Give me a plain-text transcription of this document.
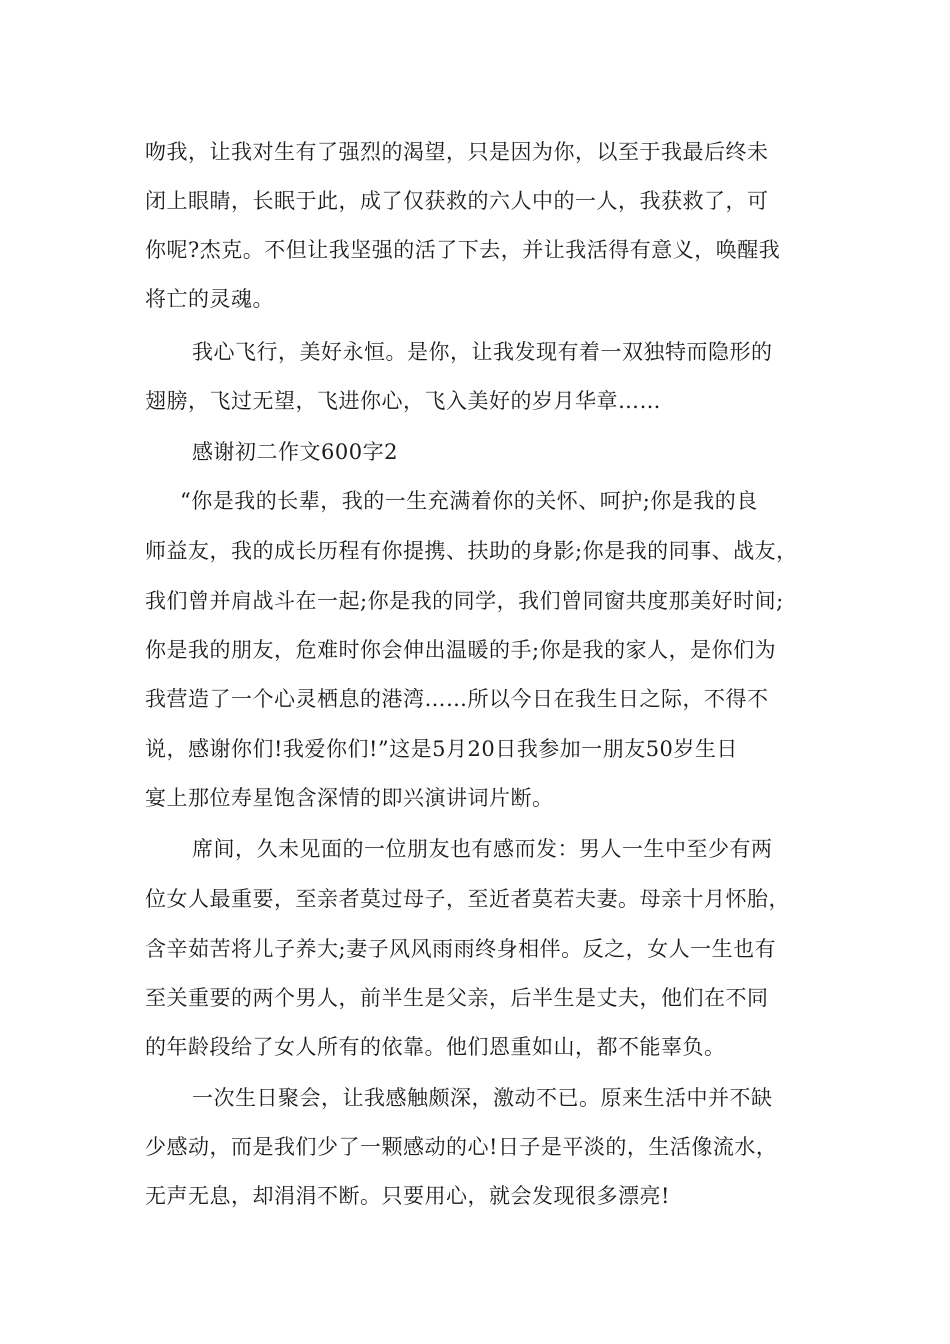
吻我，让我对生有了强烈的渴望，只是因为你，以至于我最后终未
闭上眼睛，长眠于此，成了仅获救的六人中的一人，我获救了，可
你呢?杰克。不但让我坚强的活了下去，并让我活得有意义，唤醒我
将亡的灵魂。
我心飞行，美好永恒。是你，让我发现有着一双独特而隐形的
翅膀，飞过无望，飞进你心，飞入美好的岁月华章……
感谢初二作文600字2
“你是我的长辈，我的一生充满着你的关怀、呵护;你是我的良
师益友，我的成长历程有你提携、扶助的身影;你是我的同事、战友，
我们曾并肩战斗在一起;你是我的同学，我们曾同窗共度那美好时间;
你是我的朋友，危难时你会伸出温暖的手;你是我的家人，是你们为
我营造了一个心灵栖息的港湾……所以今日在我生日之际，不得不
说，感谢你们!我爱你们!”这是5月20日我参加一朋友50岁生日
宴上那位寿星饱含深情的即兴演讲词片断。
席间，久未见面的一位朋友也有感而发：男人一生中至少有两
位女人最重要，至亲者莫过母子，至近者莫若夫妻。母亲十月怀胎，
含辛茹苦将儿子养大;妻子风风雨雨终身相伴。反之，女人一生也有
至关重要的两个男人，前半生是父亲，后半生是丈夫，他们在不同
的年龄段给了女人所有的依靠。他们恩重如山，都不能辜负。
一次生日聚会，让我感触颇深，激动不已。原来生活中并不缺
少感动，而是我们少了一颗感动的心!日子是平淡的，生活像流水，
无声无息，却涓涓不断。只要用心，就会发现很多漂亮!
